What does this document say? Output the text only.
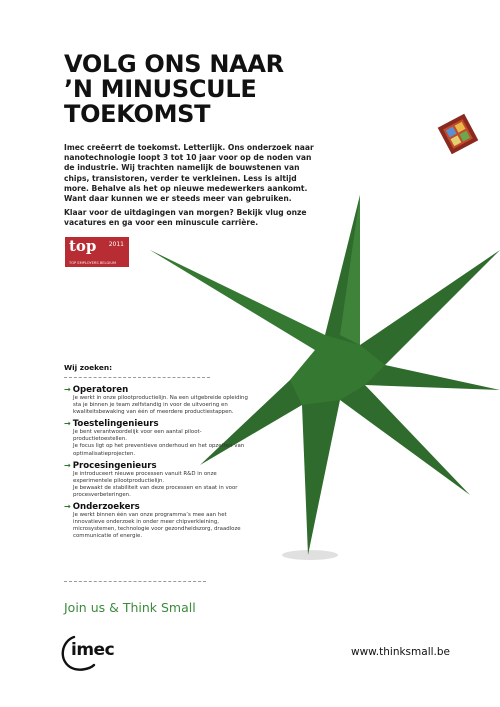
VOLG ONS NAAR
’N MINUSCULE
TOEKOMST

Imec creëerrt de toekomst. Letterlijk. Ons onderzoek naar nanotechnologie loopt 3 tot 10 jaar voor op de noden van de industrie. Wij trachten namelijk de bouwstenen van chips, transistoren, verder te verkleinen. Less is altijd more. Behalve als het op nieuwe medewerkers aankomt. Want daar kunnen we er steeds meer van gebruiken.

Klaar voor de uitdagingen van morgen? Bekijk vlug onze vacatures en ga voor een minuscule carrière.

top	2011
TOP EMPLOYERS BELGIUM
Wij zoeken:
→ Operatoren

Je werkt in onze pilootproductielijn. Na een uitgebreide opleiding sta je binnen je team zelfstandig in voor de uitvoering en kwaliteitsbewaking van één of meerdere productiestappen.

→ Toestelingenieurs

Je bent verantwoordelijk voor een aantal piloot-productietoestellen.

Je focus ligt op het preventieve onderhoud en het opzetten van optimalisatieprojecten.

→ Procesingenieurs

Je introduceert nieuwe processen vanuit R&D in onze experimentele pilootproductielijn.

Je bewaakt de stabiliteit van deze processen en staat in voor procesverbeteringen.

→ Onderzoekers

Je werkt binnen één van onze programma’s mee aan het innovatieve onderzoek in onder meer chipverkleining, microsystemen, technologie voor gezondheidszorg, draadloze communicatie of energie.

Join us & Think Small
imec	www.thinksmall.be
